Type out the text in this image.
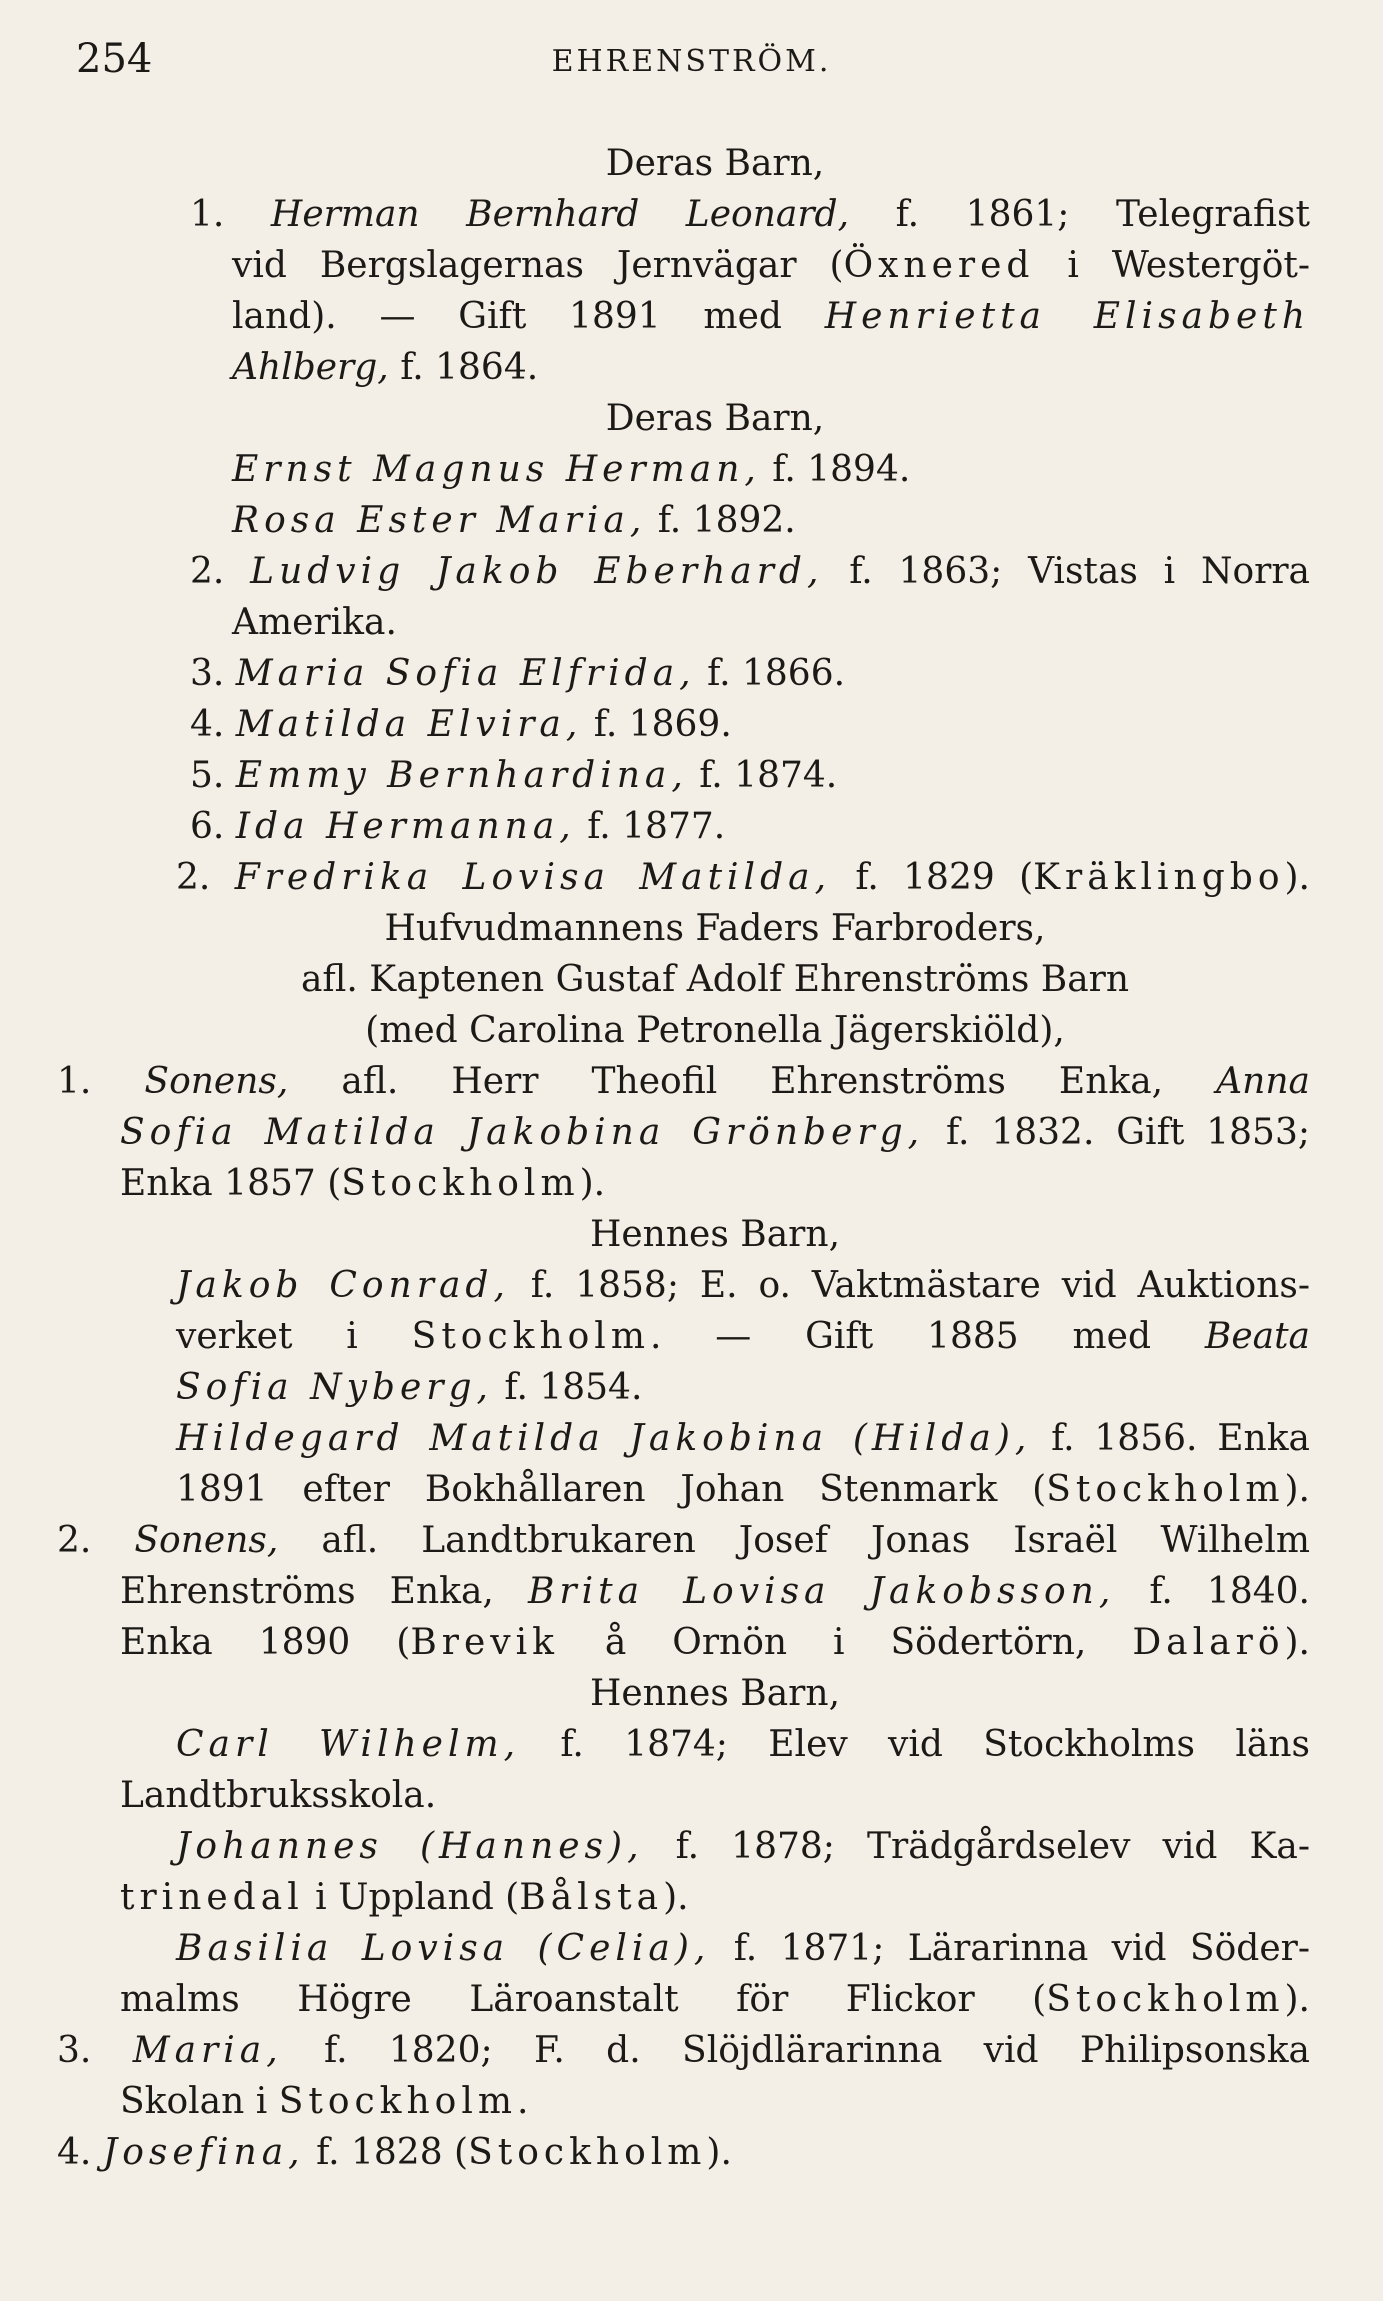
254	EHRENSTRÖM.
Deras Barn,
1. Herman Bernhard Leonard, f. 1861; Telegrafist
vid Bergslagernas Jernvägar (Öxnered i Westergöt-
land). — Gift 1891 med Henrietta Elisabeth
Ahlberg, f. 1864.
Deras Barn,
Ernst Magnus Herman, f. 1894.
Rosa Ester Maria, f. 1892.
2. Ludvig Jakob Eberhard, f. 1863; Vistas i Norra
Amerika.
3. Maria Sofia Elfrida, f. 1866.
4. Matilda Elvira, f. 1869.
5. Emmy Bernhardina, f. 1874.
6. Ida Hermanna, f. 1877.
2. Fredrika Lovisa Matilda, f. 1829 (Kräklingbo).
Hufvudmannens Faders Farbroders,
afl. Kaptenen Gustaf Adolf Ehrenströms Barn
(med Carolina Petronella Jägerskiöld),
1. Sonens, afl. Herr Theofil Ehrenströms Enka, Anna
Sofia Matilda Jakobina Grönberg, f. 1832. Gift 1853;
Enka 1857 (Stockholm).
Hennes Barn,
Jakob Conrad, f. 1858; E. o. Vaktmästare vid Auktions-
verket i Stockholm. — Gift 1885 med Beata
Sofia Nyberg, f. 1854.
Hildegard Matilda Jakobina (Hilda), f. 1856. Enka
1891 efter Bokhållaren Johan Stenmark (Stockholm).
2. Sonens, afl. Landtbrukaren Josef Jonas Israël Wilhelm
Ehrenströms Enka, Brita Lovisa Jakobsson, f. 1840.
Enka 1890 (Brevik å Ornön i Södertörn, Dalarö).
Hennes Barn,
Carl Wilhelm, f. 1874; Elev vid Stockholms läns
Landtbruksskola.
Johannes (Hannes), f. 1878; Trädgårdselev vid Ka-
trinedal i Uppland (Bålsta).
Basilia Lovisa (Celia), f. 1871; Lärarinna vid Söder-
malms Högre Läroanstalt för Flickor (Stockholm).
3. Maria, f. 1820; F. d. Slöjdlärarinna vid Philipsonska
Skolan i Stockholm.
4. Josefina, f. 1828 (Stockholm).
